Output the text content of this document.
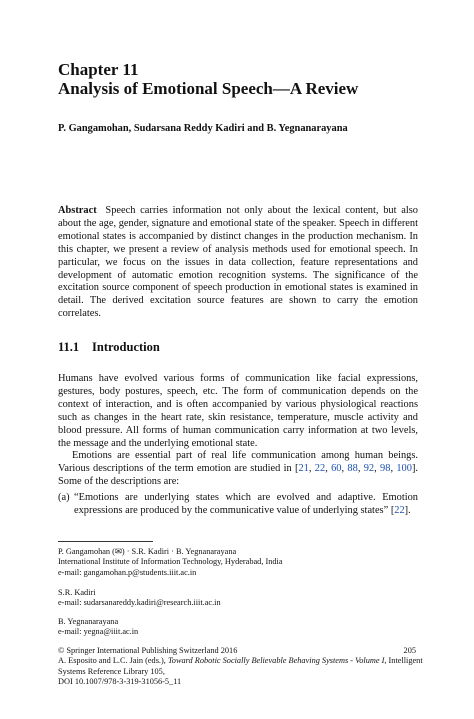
Chapter 11
Analysis of Emotional Speech—A Review
P. Gangamohan, Sudarsana Reddy Kadiri and B. Yegnanarayana
Abstract Speech carries information not only about the lexical content, but also about the age, gender, signature and emotional state of the speaker. Speech in different emotional states is accompanied by distinct changes in the production mechanism. In this chapter, we present a review of analysis methods used for emotional speech. In particular, we focus on the issues in data collection, feature representations and development of automatic emotion recognition systems. The significance of the excitation source component of speech production in emotional states is examined in detail. The derived excitation source features are shown to carry the emotion correlates.
11.1 Introduction
Humans have evolved various forms of communication like facial expressions, gestures, body postures, speech, etc. The form of communication depends on the context of interaction, and is often accompanied by various physiological reactions such as changes in the heart rate, skin resistance, temperature, muscle activity and blood pressure. All forms of human communication carry information at two levels, the message and the underlying emotional state.
Emotions are essential part of real life communication among human beings. Various descriptions of the term emotion are studied in [21, 22, 60, 88, 92, 98, 100]. Some of the descriptions are:
(a) “Emotions are underlying states which are evolved and adaptive. Emotion expressions are produced by the communicative value of underlying states” [22].
P. Gangamohan (✉) · S.R. Kadiri · B. Yegnanarayana
International Institute of Information Technology, Hyderabad, India
e-mail: gangamohan.p@students.iiit.ac.in
S.R. Kadiri
e-mail: sudarsanareddy.kadiri@research.iiit.ac.in
B. Yegnanarayana
e-mail: yegna@iiit.ac.in
© Springer International Publishing Switzerland 2016
A. Esposito and L.C. Jain (eds.), Toward Robotic Socially Believable Behaving Systems - Volume I, Intelligent Systems Reference Library 105,
DOI 10.1007/978-3-319-31056-5_11
205
